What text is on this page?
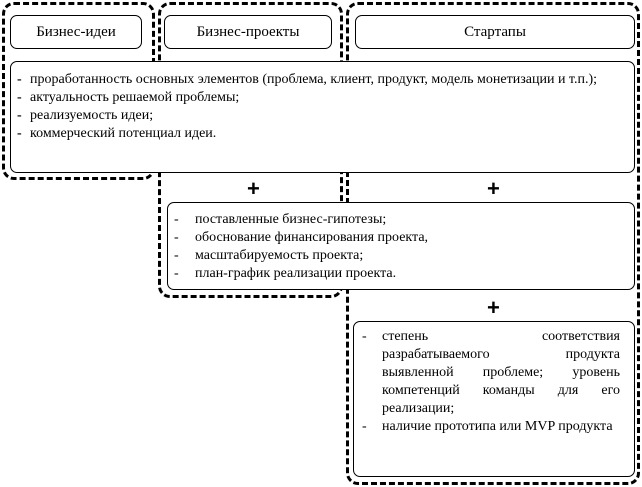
Бизнес-идеи	Бизнес-проекты	Стартапы
- проработанность основных элементов (проблема, клиент, продукт, модель монетизации и т.п.);
- актуальность решаемой проблемы;
- реализуемость идеи;
- коммерческий потенциал идеи.
+	+
+
- поставленные бизнес-гипотезы;
- обоснование финансирования проекта,
- масштабируемость проекта;
- план-график реализации проекта.
- степень соответствия разрабатываемого продукта выявленной проблеме; уровень компетенций команды для его реализации;
- наличие прототипа или MVP продукта
